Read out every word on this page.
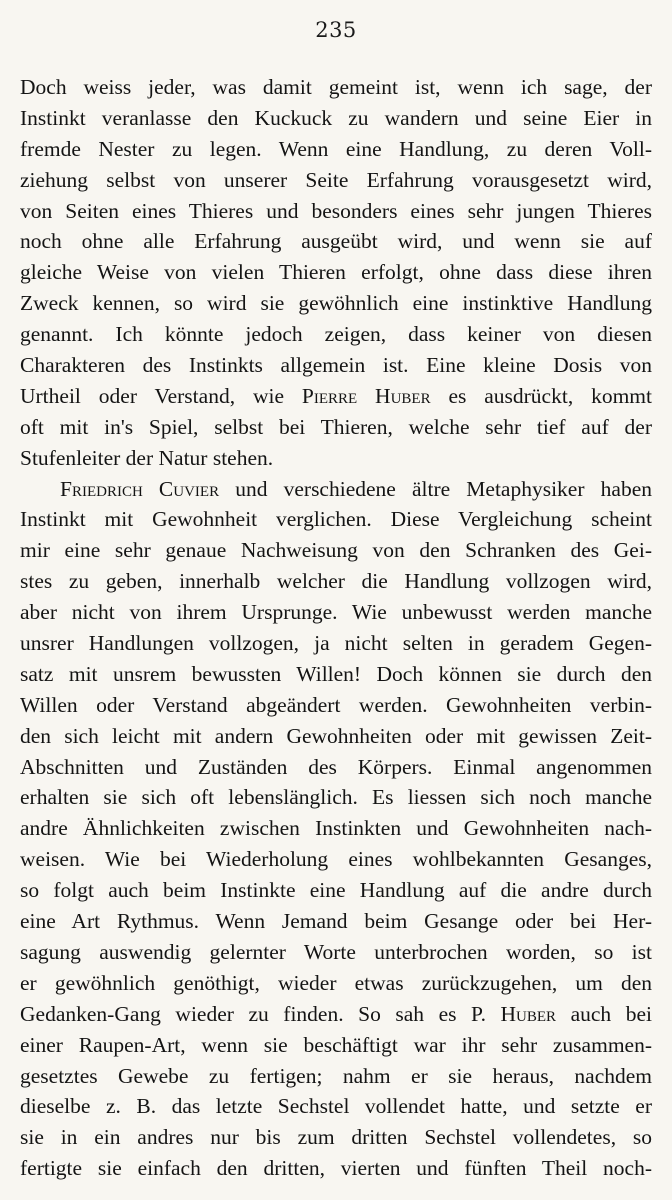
235
Doch weiss jeder, was damit gemeint ist, wenn ich sage, der
Instinkt veranlasse den Kuckuck zu wandern und seine Eier in
fremde Nester zu legen. Wenn eine Handlung, zu deren Voll-
ziehung selbst von unserer Seite Erfahrung vorausgesetzt wird,
von Seiten eines Thieres und besonders eines sehr jungen Thieres
noch ohne alle Erfahrung ausgeübt wird, und wenn sie auf
gleiche Weise von vielen Thieren erfolgt, ohne dass diese ihren
Zweck kennen, so wird sie gewöhnlich eine instinktive Handlung
genannt. Ich könnte jedoch zeigen, dass keiner von diesen
Charakteren des Instinkts allgemein ist. Eine kleine Dosis von
Urtheil oder Verstand, wie Pierre Huber es ausdrückt, kommt
oft mit in's Spiel, selbst bei Thieren, welche sehr tief auf der
Stufenleiter der Natur stehen.
Friedrich Cuvier und verschiedene ältre Metaphysiker haben
Instinkt mit Gewohnheit verglichen. Diese Vergleichung scheint
mir eine sehr genaue Nachweisung von den Schranken des Gei-
stes zu geben, innerhalb welcher die Handlung vollzogen wird,
aber nicht von ihrem Ursprunge. Wie unbewusst werden manche
unsrer Handlungen vollzogen, ja nicht selten in geradem Gegen-
satz mit unsrem bewussten Willen! Doch können sie durch den
Willen oder Verstand abgeändert werden. Gewohnheiten verbin-
den sich leicht mit andern Gewohnheiten oder mit gewissen Zeit-
Abschnitten und Zuständen des Körpers. Einmal angenommen
erhalten sie sich oft lebenslänglich. Es liessen sich noch manche
andre Ähnlichkeiten zwischen Instinkten und Gewohnheiten nach-
weisen. Wie bei Wiederholung eines wohlbekannten Gesanges,
so folgt auch beim Instinkte eine Handlung auf die andre durch
eine Art Rythmus. Wenn Jemand beim Gesange oder bei Her-
sagung auswendig gelernter Worte unterbrochen worden, so ist
er gewöhnlich genöthigt, wieder etwas zurückzugehen, um den
Gedanken-Gang wieder zu finden. So sah es P. Huber auch bei
einer Raupen-Art, wenn sie beschäftigt war ihr sehr zusammen-
gesetztes Gewebe zu fertigen; nahm er sie heraus, nachdem
dieselbe z. B. das letzte Sechstel vollendet hatte, und setzte er
sie in ein andres nur bis zum dritten Sechstel vollendetes, so
fertigte sie einfach den dritten, vierten und fünften Theil noch-
